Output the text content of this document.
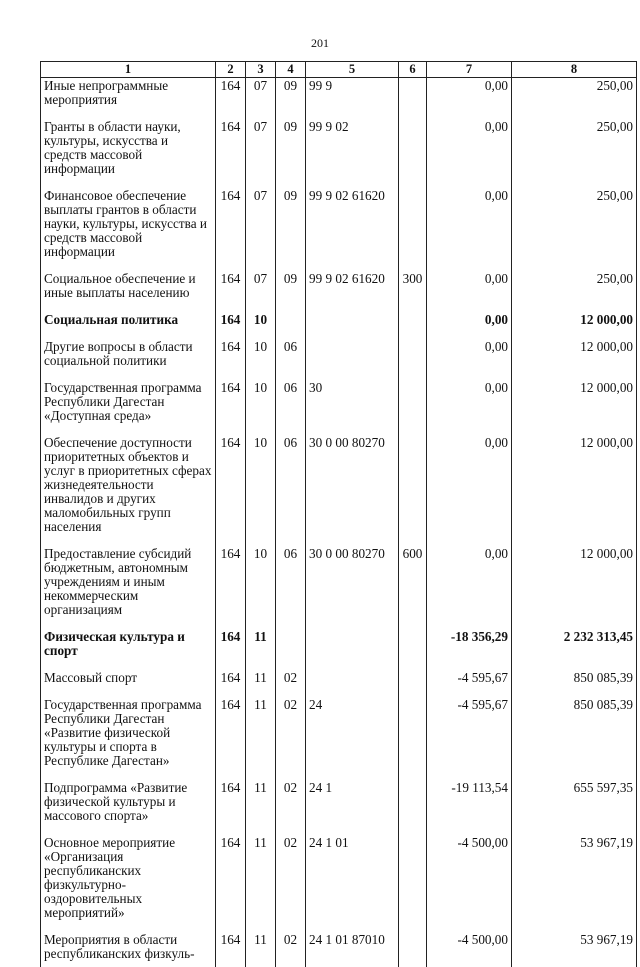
201
1	2	3	4	5	6	7	8
Иные непрограммные мероприятия	164	07	09	99 9		0,00	250,00
Гранты в области науки, культуры, искусства и средств массовой информации	164	07	09	99 9 02		0,00	250,00
Финансовое обеспечение выплаты грантов в области науки, культуры, искусства и средств массовой информации	164	07	09	99 9 02 61620		0,00	250,00
Социальное обеспечение и иные выплаты населению	164	07	09	99 9 02 61620	300	0,00	250,00
Социальная политика	164	10				0,00	12 000,00
Другие вопросы в области социальной политики	164	10	06			0,00	12 000,00
Государственная программа Республики Дагестан «Доступная среда»	164	10	06	30		0,00	12 000,00
Обеспечение доступности приоритетных объектов и услуг в приоритетных сферах жизнедеятельности инвалидов и других маломобильных групп населения	164	10	06	30 0 00 80270		0,00	12 000,00
Предоставление субсидий бюджетным, автономным учреждениям и иным некоммерческим организациям	164	10	06	30 0 00 80270	600	0,00	12 000,00
Физическая культура и спорт	164	11				-18 356,29	2 232 313,45
Массовый спорт	164	11	02			-4 595,67	850 085,39
Государственная программа Республики Дагестан «Развитие физической культуры и спорта в Республике Дагестан»	164	11	02	24		-4 595,67	850 085,39
Подпрограмма «Развитие физической культуры и массового спорта»	164	11	02	24 1		-19 113,54	655 597,35
Основное мероприятие «Организация республиканских физкультурно-оздоровительных мероприятий»	164	11	02	24 1 01		-4 500,00	53 967,19
Мероприятия в области республиканских физкуль-	164	11	02	24 1 01 87010		-4 500,00	53 967,19
